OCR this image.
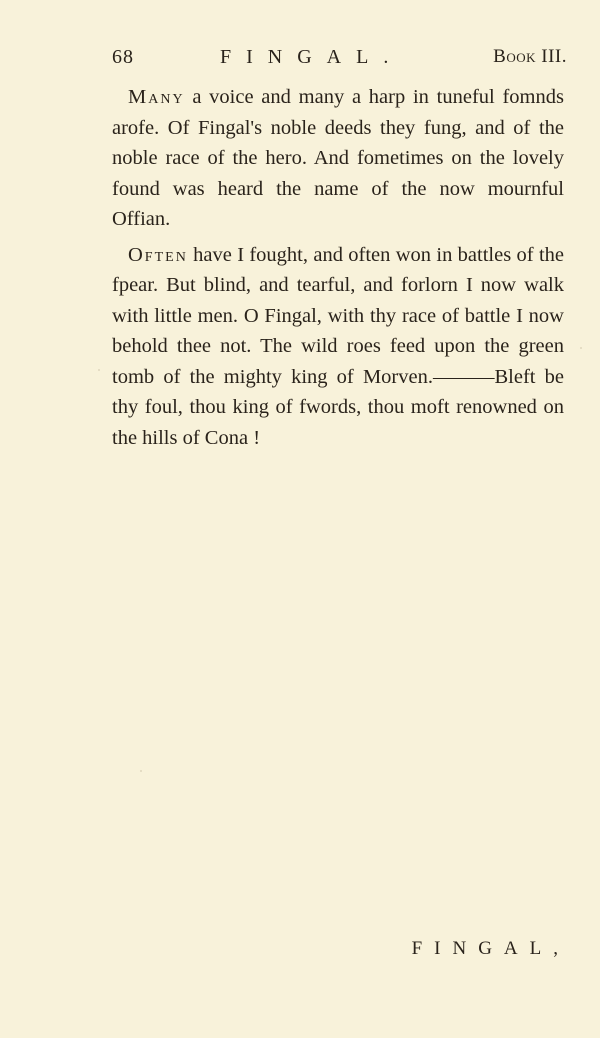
68	FINGAL.	Book III.

Many a voice and many a harp in tuneful fomnds arofe. Of Fingal's noble deeds they fung, and of the noble race of the hero. And fometimes on the lovely found was heard the name of the now mournful Offian.

Often have I fought, and often won in battles of the fpear. But blind, and tearful, and forlorn I now walk with little men. O Fingal, with thy race of battle I now behold thee not. The wild roes feed upon the green tomb of the mighty king of Morven.———Bleft be thy foul, thou king of fwords, thou moft renowned on the hills of Cona !

FINGAL,
